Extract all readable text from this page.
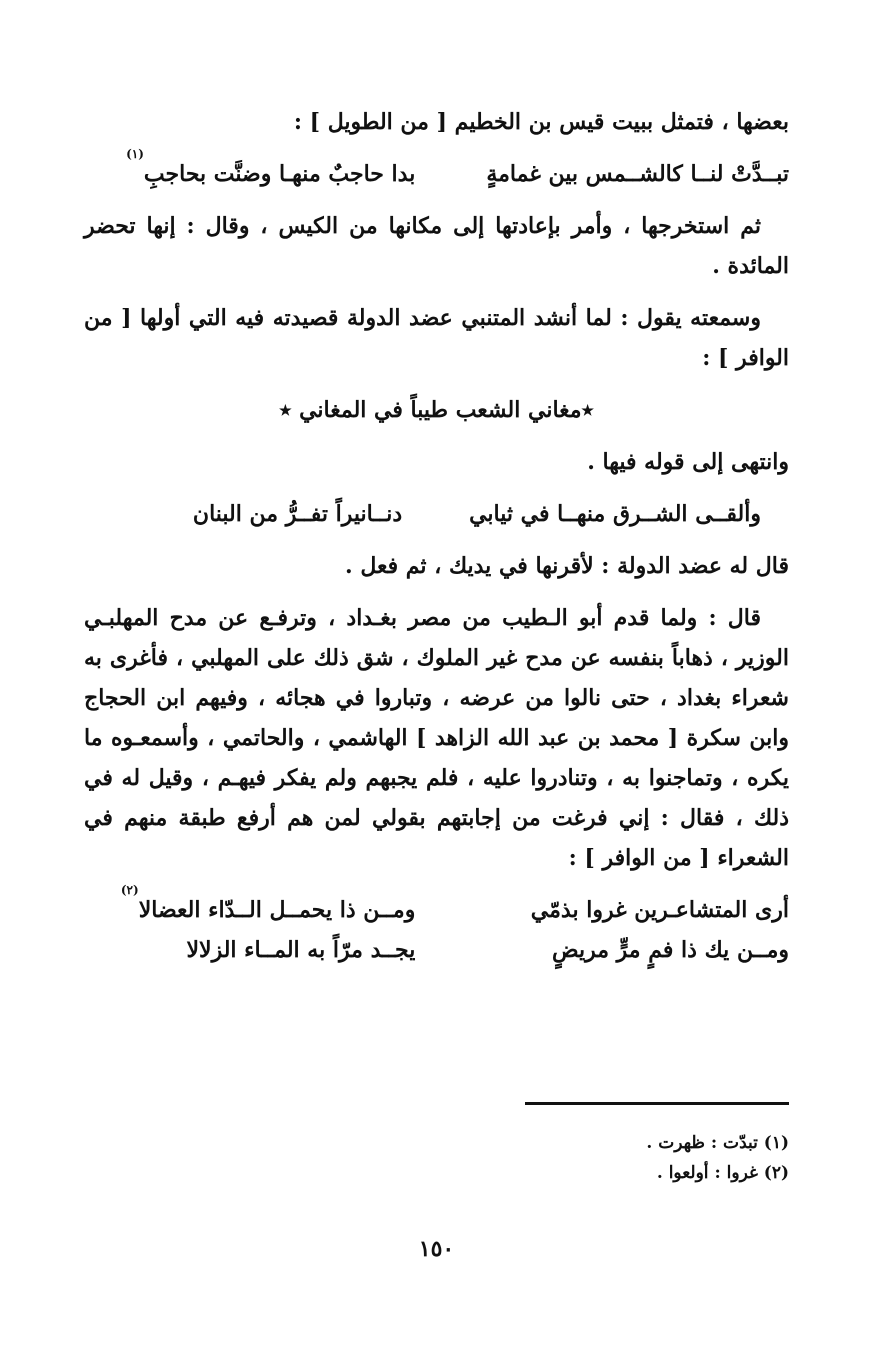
بعضها ، فتمثل ببيت قيس بن الخطيم [ من الطويل ] :

تبــدَّتْ لنــا كالشــمس بين غمامةٍ
بدا حاجبٌ منهـا وضنَّت بحاجبِ
(١)

ثم استخرجها ، وأمر بإعادتها إلى مكانها من الكيس ، وقال : إنها تحضر المائدة .

وسمعته يقول : لما أنشد المتنبي عضد الدولة قصيدته فيه التي أولها [ من الوافر ] :

٭مغاني الشعب طيباً في المغاني ٭

وانتهى إلى قوله فيها .

وألقــى الشــرق منهــا في ثيابي
دنــانيراً تفــرُّ من البنان

قال له عضد الدولة : لأقرنها في يديك ، ثم فعل .

قال : ولما قدم أبو الـطيب من مصر بغـداد ، وترفـع عن مدح المهلبـي الوزير ، ذهاباً بنفسه عن مدح غير الملوك ، شق ذلك على المهلبي ، فأغرى به شعراء بغداد ، حتى نالوا من عرضه ، وتباروا في هجائه ، وفيهم ابن الحجاج وابن سكرة [ محمد بن عبد الله الزاهد ] الهاشمي ، والحاتمي ، وأسمعـوه ما يكره ، وتماجنوا به ، وتنادروا عليه ، فلم يجبهم ولم يفكر فيهـم ، وقيل له في ذلك ، فقال : إني فرغت من إجابتهم بقولي لمن هم أرفع طبقة منهم في الشعراء [ من الوافر ] :

أرى المتشاعـرين غروا بذمّي
ومــن ذا يحمــل الــدّاء العضالا
(٢)
ومــن يك ذا فمٍ مرٍّ مريضٍ
يجــد مرّاً به المــاء الزلالا
(١) تبدّت : ظهرت .
(٢) غروا : أولعوا .
١٥٠
